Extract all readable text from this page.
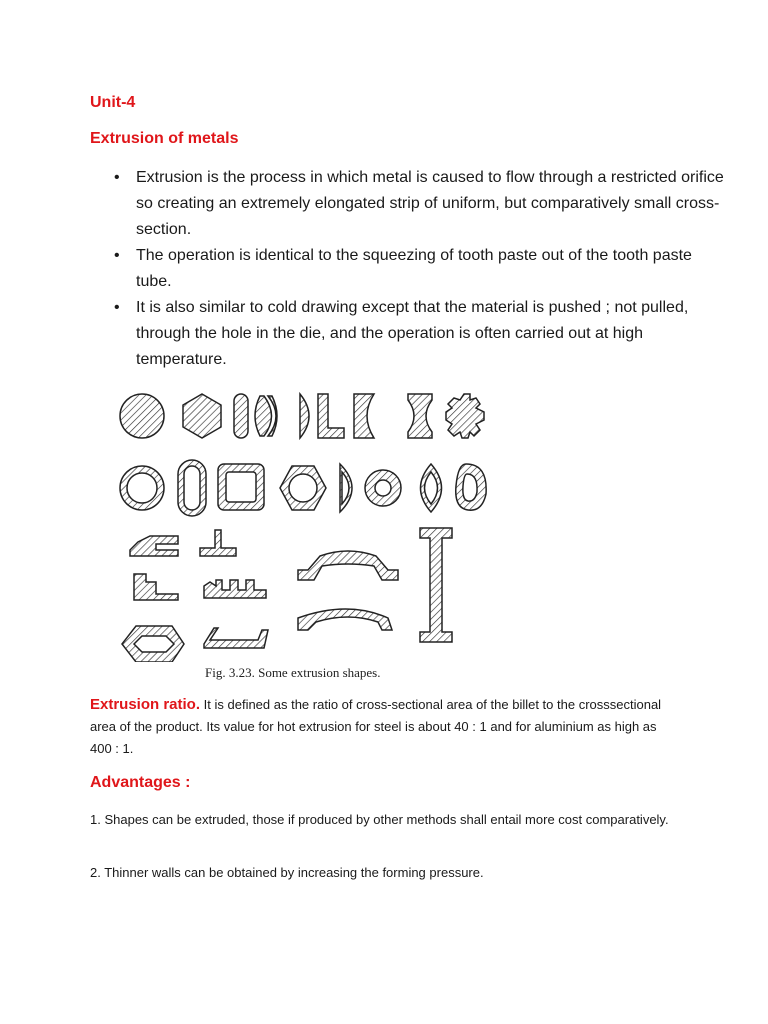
Unit-4
Extrusion of metals
• Extrusion is the process in which metal is caused to flow through a restricted orifice so creating an extremely elongated strip of uniform, but comparatively small cross-section.
• The operation is identical to the squeezing of tooth paste out of the tooth paste tube.
• It is also similar to cold drawing except that the material is pushed ; not pulled, through the hole in the die, and the operation is often carried out at high temperature.
Fig. 3.23. Some extrusion shapes.
Extrusion ratio. It is defined as the ratio of cross-sectional area of the billet to the crosssectional area of the product. Its value for hot extrusion for steel is about 40 : 1 and for aluminium as high as 400 : 1.
Advantages :
1. Shapes can be extruded, those if produced by other methods shall entail more cost comparatively.
2. Thinner walls can be obtained by increasing the forming pressure.
